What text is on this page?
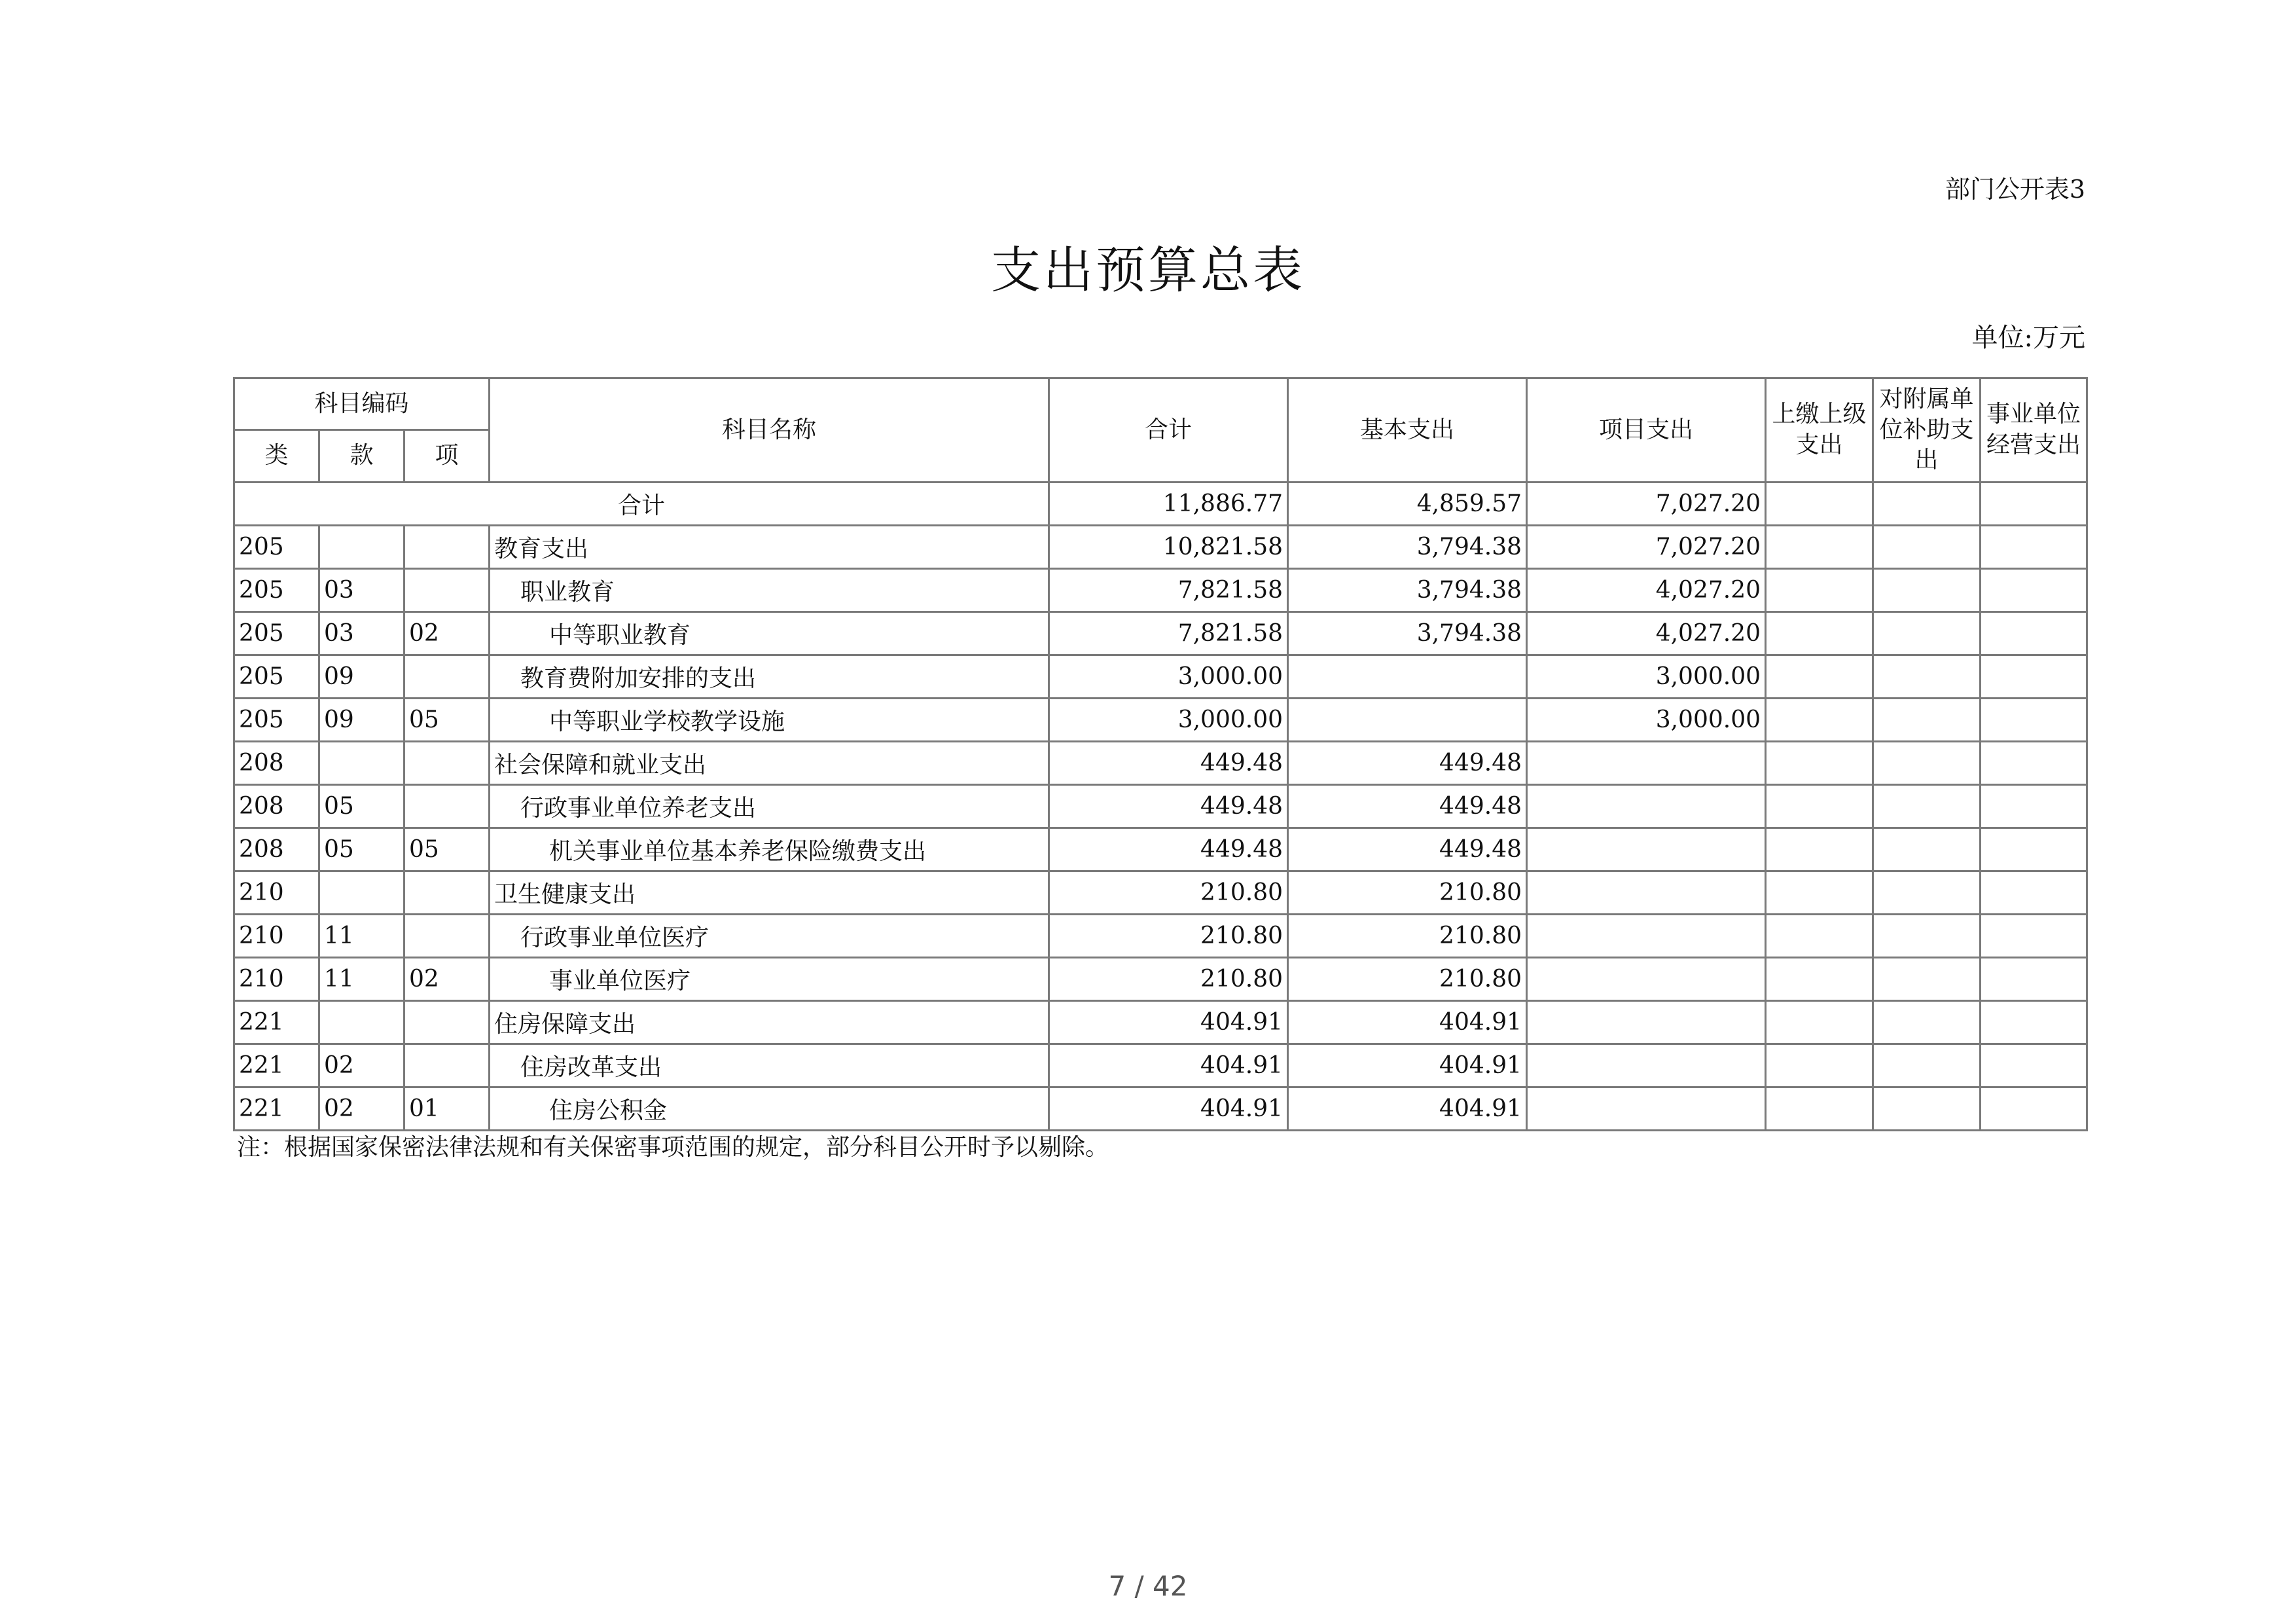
部门公开表3
支出预算总表
单位:万元
科目编码			科目名称	合计	基本支出	项目支出	上缴上级支出	对附属单位补助支出	事业单位经营支出
类	款	项							
合计				11,886.77	4,859.57	7,027.20			
205			教育支出	10,821.58	3,794.38	7,027.20			
205	03		职业教育	7,821.58	3,794.38	4,027.20			
205	03	02	中等职业教育	7,821.58	3,794.38	4,027.20			
205	09		教育费附加安排的支出	3,000.00		3,000.00			
205	09	05	中等职业学校教学设施	3,000.00		3,000.00			
208			社会保障和就业支出	449.48	449.48				
208	05		行政事业单位养老支出	449.48	449.48				
208	05	05	机关事业单位基本养老保险缴费支出	449.48	449.48				
210			卫生健康支出	210.80	210.80				
210	11		行政事业单位医疗	210.80	210.80				
210	11	02	事业单位医疗	210.80	210.80				
221			住房保障支出	404.91	404.91				
221	02		住房改革支出	404.91	404.91				
221	02	01	住房公积金	404.91	404.91				
注：根据国家保密法律法规和有关保密事项范围的规定，部分科目公开时予以剔除。
7 / 42
